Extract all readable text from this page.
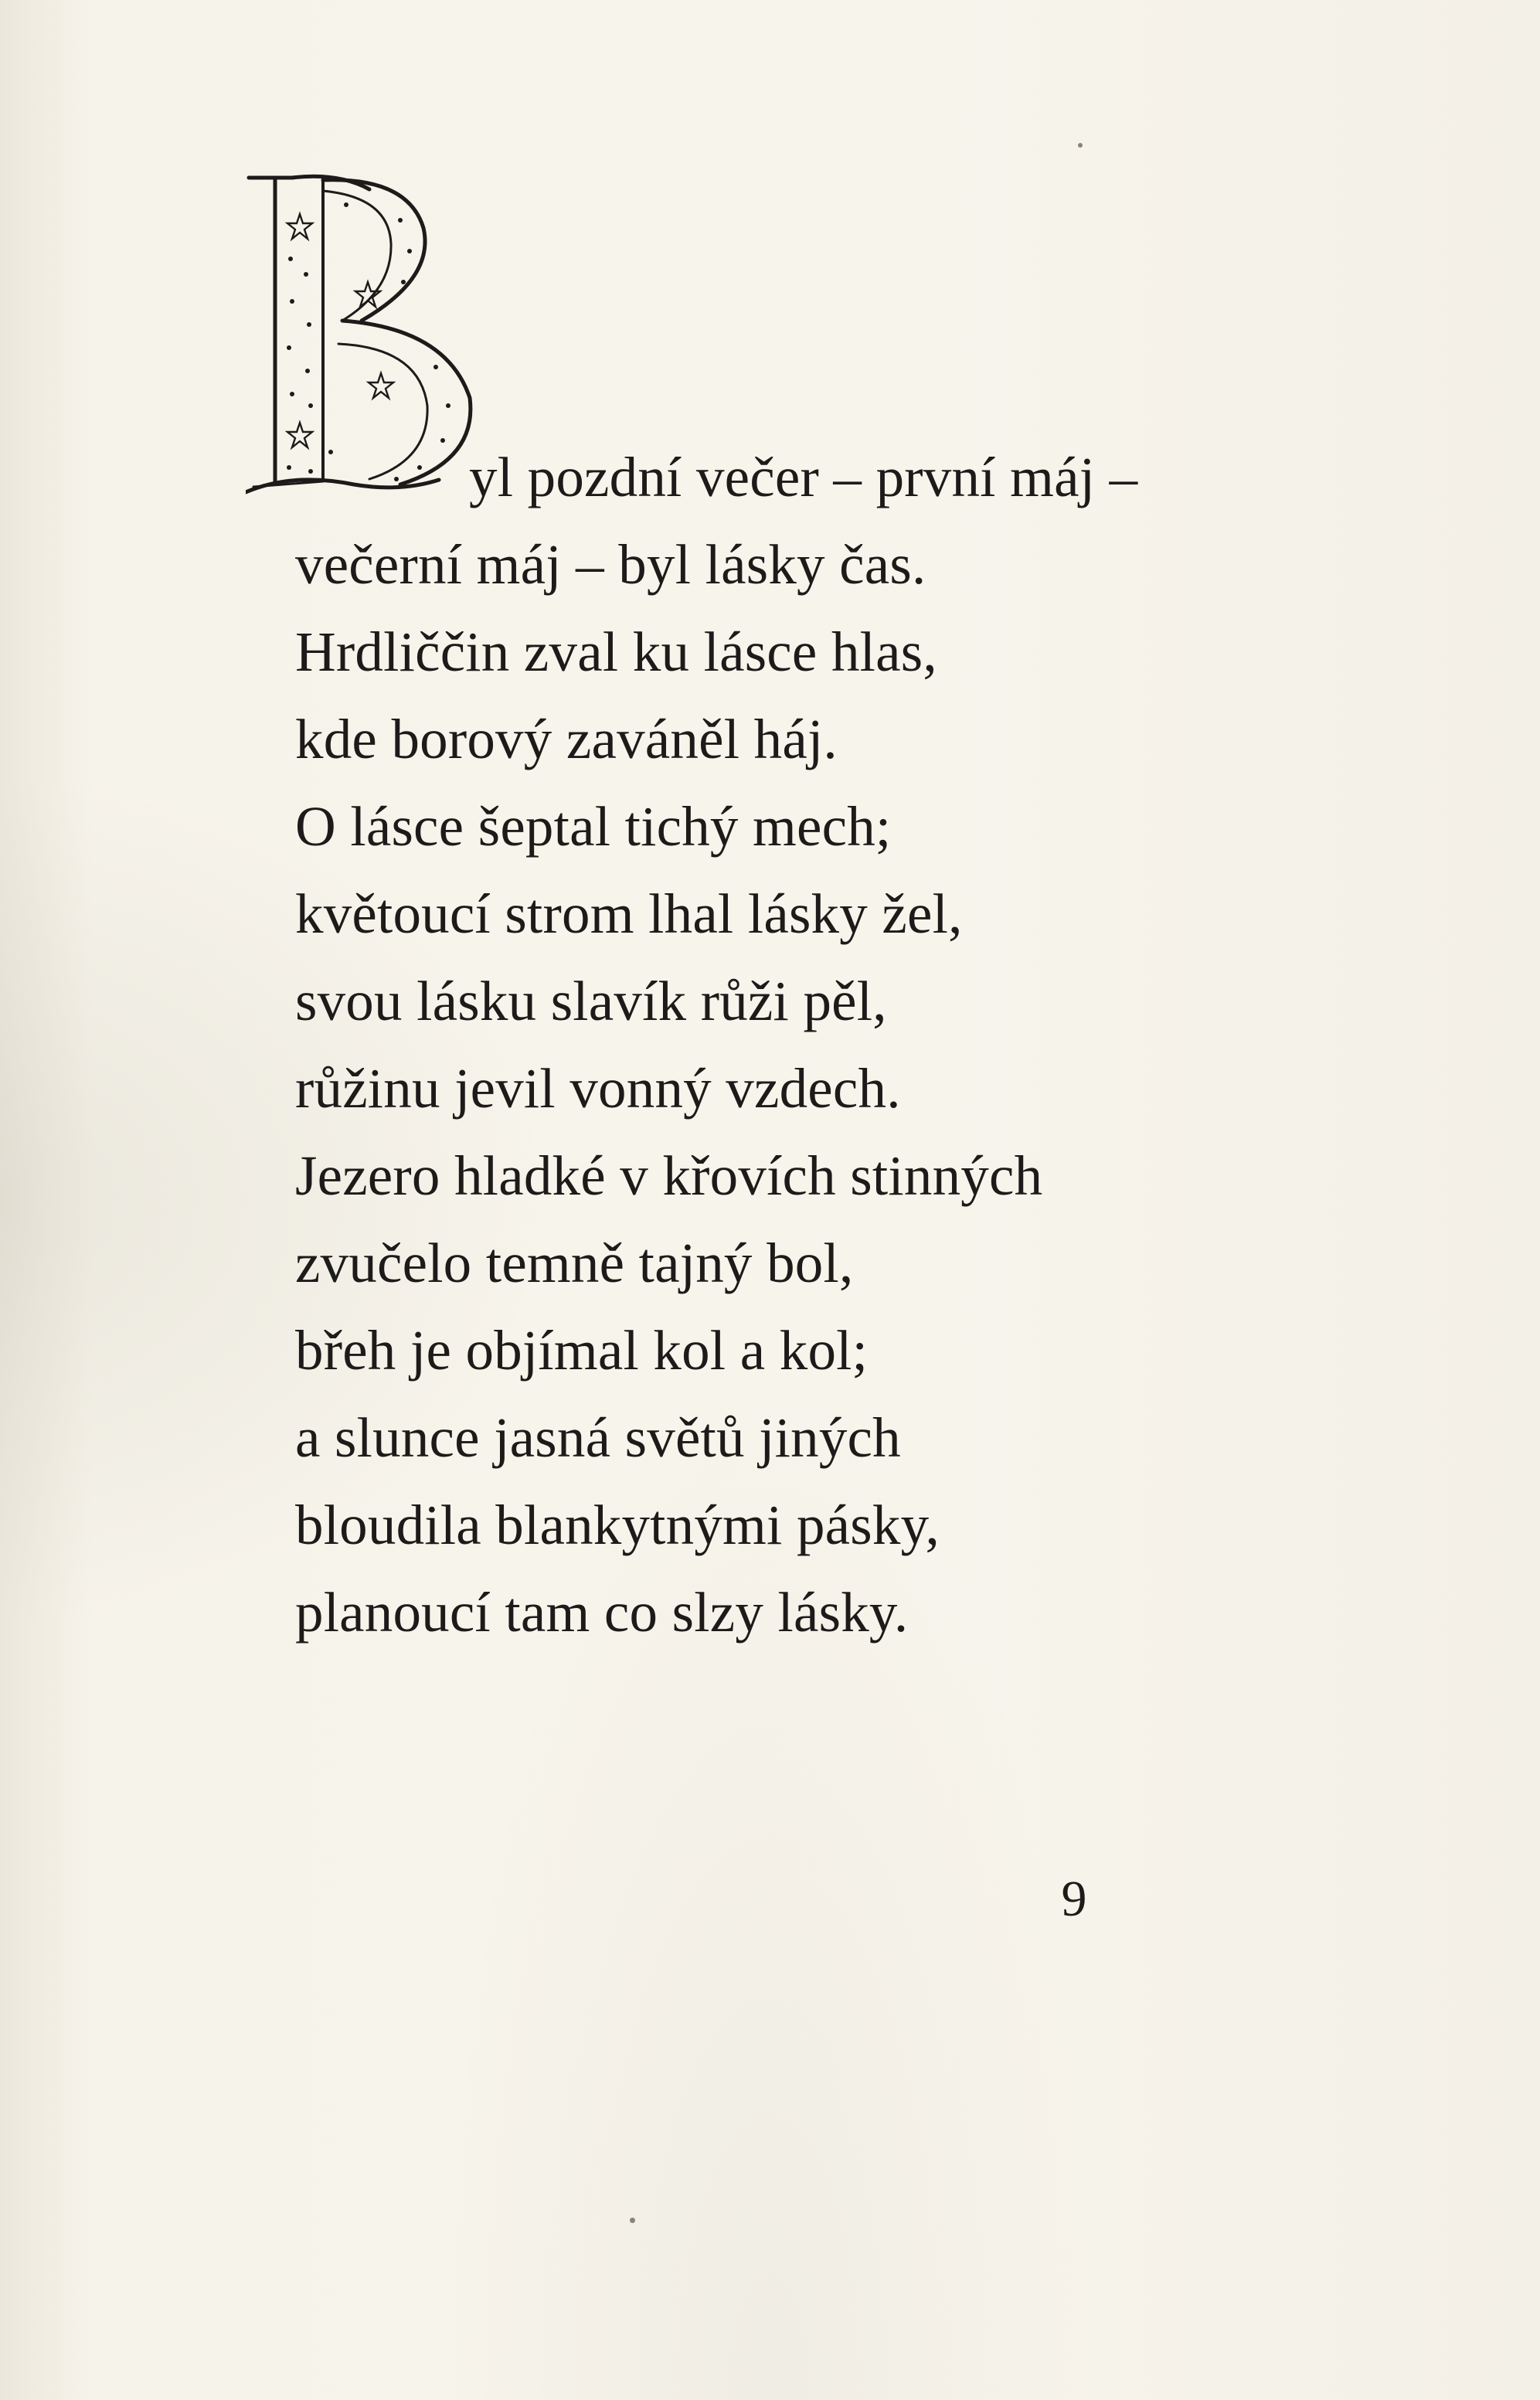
yl pozdní večer – první máj –
večerní máj – byl lásky čas.
Hrdliččin zval ku lásce hlas,
kde borový zaváněl háj.
O lásce šeptal tichý mech;
květoucí strom lhal lásky žel,
svou lásku slavík růži pěl,
růžinu jevil vonný vzdech.
Jezero hladké v křovích stinných
zvučelo temně tajný bol,
břeh je objímal kol a kol;
a slunce jasná světů jiných
bloudila blankytnými pásky,
planoucí tam co slzy lásky.
9
